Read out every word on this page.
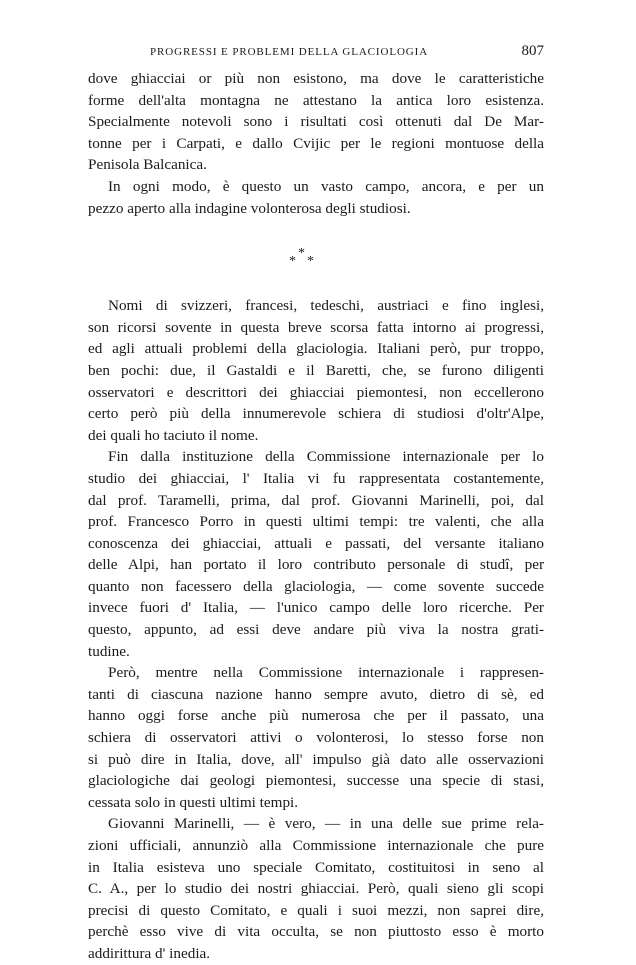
PROGRESSI E PROBLEMI DELLA GLACIOLOGIA	807
dove ghiacciai or più non esistono, ma dove le caratteristiche
forme dell'alta montagna ne attestano la antica loro esistenza.
Specialmente notevoli sono i risultati così ottenuti dal De Mar-
tonne per i Carpati, e dallo Cvijic per le regioni montuose della
Penisola Balcanica.
In ogni modo, è questo un vasto campo, ancora, e per un
pezzo aperto alla indagine volonterosa degli studiosi.
*
* *
Nomi di svizzeri, francesi, tedeschi, austriaci e fino inglesi,
son ricorsi sovente in questa breve scorsa fatta intorno ai progressi,
ed agli attuali problemi della glaciologia. Italiani però, pur troppo,
ben pochi: due, il Gastaldi e il Baretti, che, se furono diligenti
osservatori e descrittori dei ghiacciai piemontesi, non eccellerono
certo però più della innumerevole schiera di studiosi d'oltr'Alpe,
dei quali ho taciuto il nome.
Fin dalla instituzione della Commissione internazionale per lo
studio dei ghiacciai, l' Italia vi fu rappresentata costantemente,
dal prof. Taramelli, prima, dal prof. Giovanni Marinelli, poi, dal
prof. Francesco Porro in questi ultimi tempi: tre valenti, che alla
conoscenza dei ghiacciai, attuali e passati, del versante italiano
delle Alpi, han portato il loro contributo personale di studî, per
quanto non facessero della glaciologia, — come sovente succede
invece fuori d' Italia, — l'unico campo delle loro ricerche. Per
questo, appunto, ad essi deve andare più viva la nostra grati-
tudine.
Però, mentre nella Commissione internazionale i rappresen-
tanti di ciascuna nazione hanno sempre avuto, dietro di sè, ed
hanno oggi forse anche più numerosa che per il passato, una
schiera di osservatori attivi o volonterosi, lo stesso forse non
si può dire in Italia, dove, all' impulso già dato alle osservazioni
glaciologiche dai geologi piemontesi, successe una specie di stasi,
cessata solo in questi ultimi tempi.
Giovanni Marinelli, — è vero, — in una delle sue prime rela-
zioni ufficiali, annunziò alla Commissione internazionale che pure
in Italia esisteva uno speciale Comitato, costituitosi in seno al
C. A., per lo studio dei nostri ghiacciai. Però, quali sieno gli scopi
precisi di questo Comitato, e quali i suoi mezzi, non saprei dire,
perchè esso vive di vita occulta, se non piuttosto esso è morto
addirittura d' inedia.
